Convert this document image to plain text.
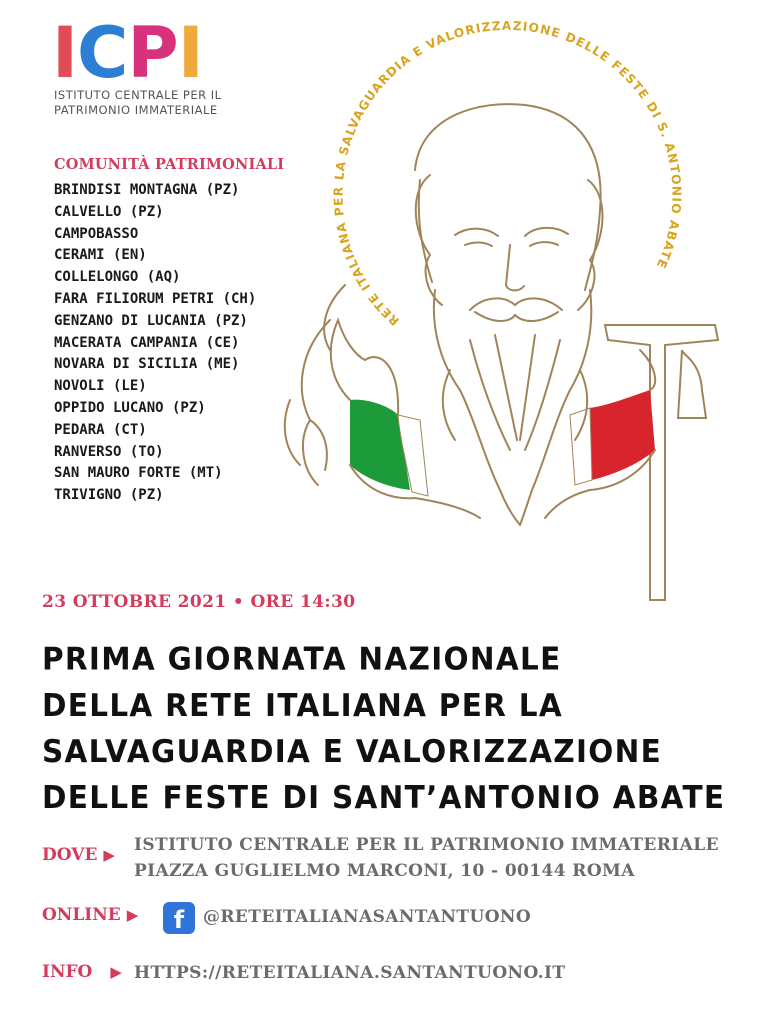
I C P I
ISTITUTO CENTRALE PER IL
PATRIMONIO IMMATERIALE
COMUNITÀ PATRIMONIALI
BRINDISI MONTAGNA (PZ)
CALVELLO (PZ)
CAMPOBASSO
CERAMI (EN)
COLLELONGO (AQ)
FARA FILIORUM PETRI (CH)
GENZANO DI LUCANIA (PZ)
MACERATA CAMPANIA (CE)
NOVARA DI SICILIA (ME)
NOVOLI (LE)
OPPIDO LUCANO (PZ)
PEDARA (CT)
RANVERSO (TO)
SAN MAURO FORTE (MT)
TRIVIGNO (PZ)
RETE ITALIANA PER LA SALVAGUARDIA E VALORIZZAZIONE DELLE FESTE DI S. ANTONIO ABATE
23 OTTOBRE 2021 • ORE 14:30
PRIMA GIORNATA NAZIONALE
DELLA RETE ITALIANA PER LA
SALVAGUARDIA E VALORIZZAZIONE
DELLE FESTE DI SANT’ANTONIO ABATE
DOVE ▶ ISTITUTO CENTRALE PER IL PATRIMONIO IMMATERIALE
PIAZZA GUGLIELMO MARCONI, 10 - 00144 ROMA
ONLINE ▶ f @RETEITALIANASANTANTUONO
INFO ▶ HTTPS://RETEITALIANA.SANTANTUONO.IT
